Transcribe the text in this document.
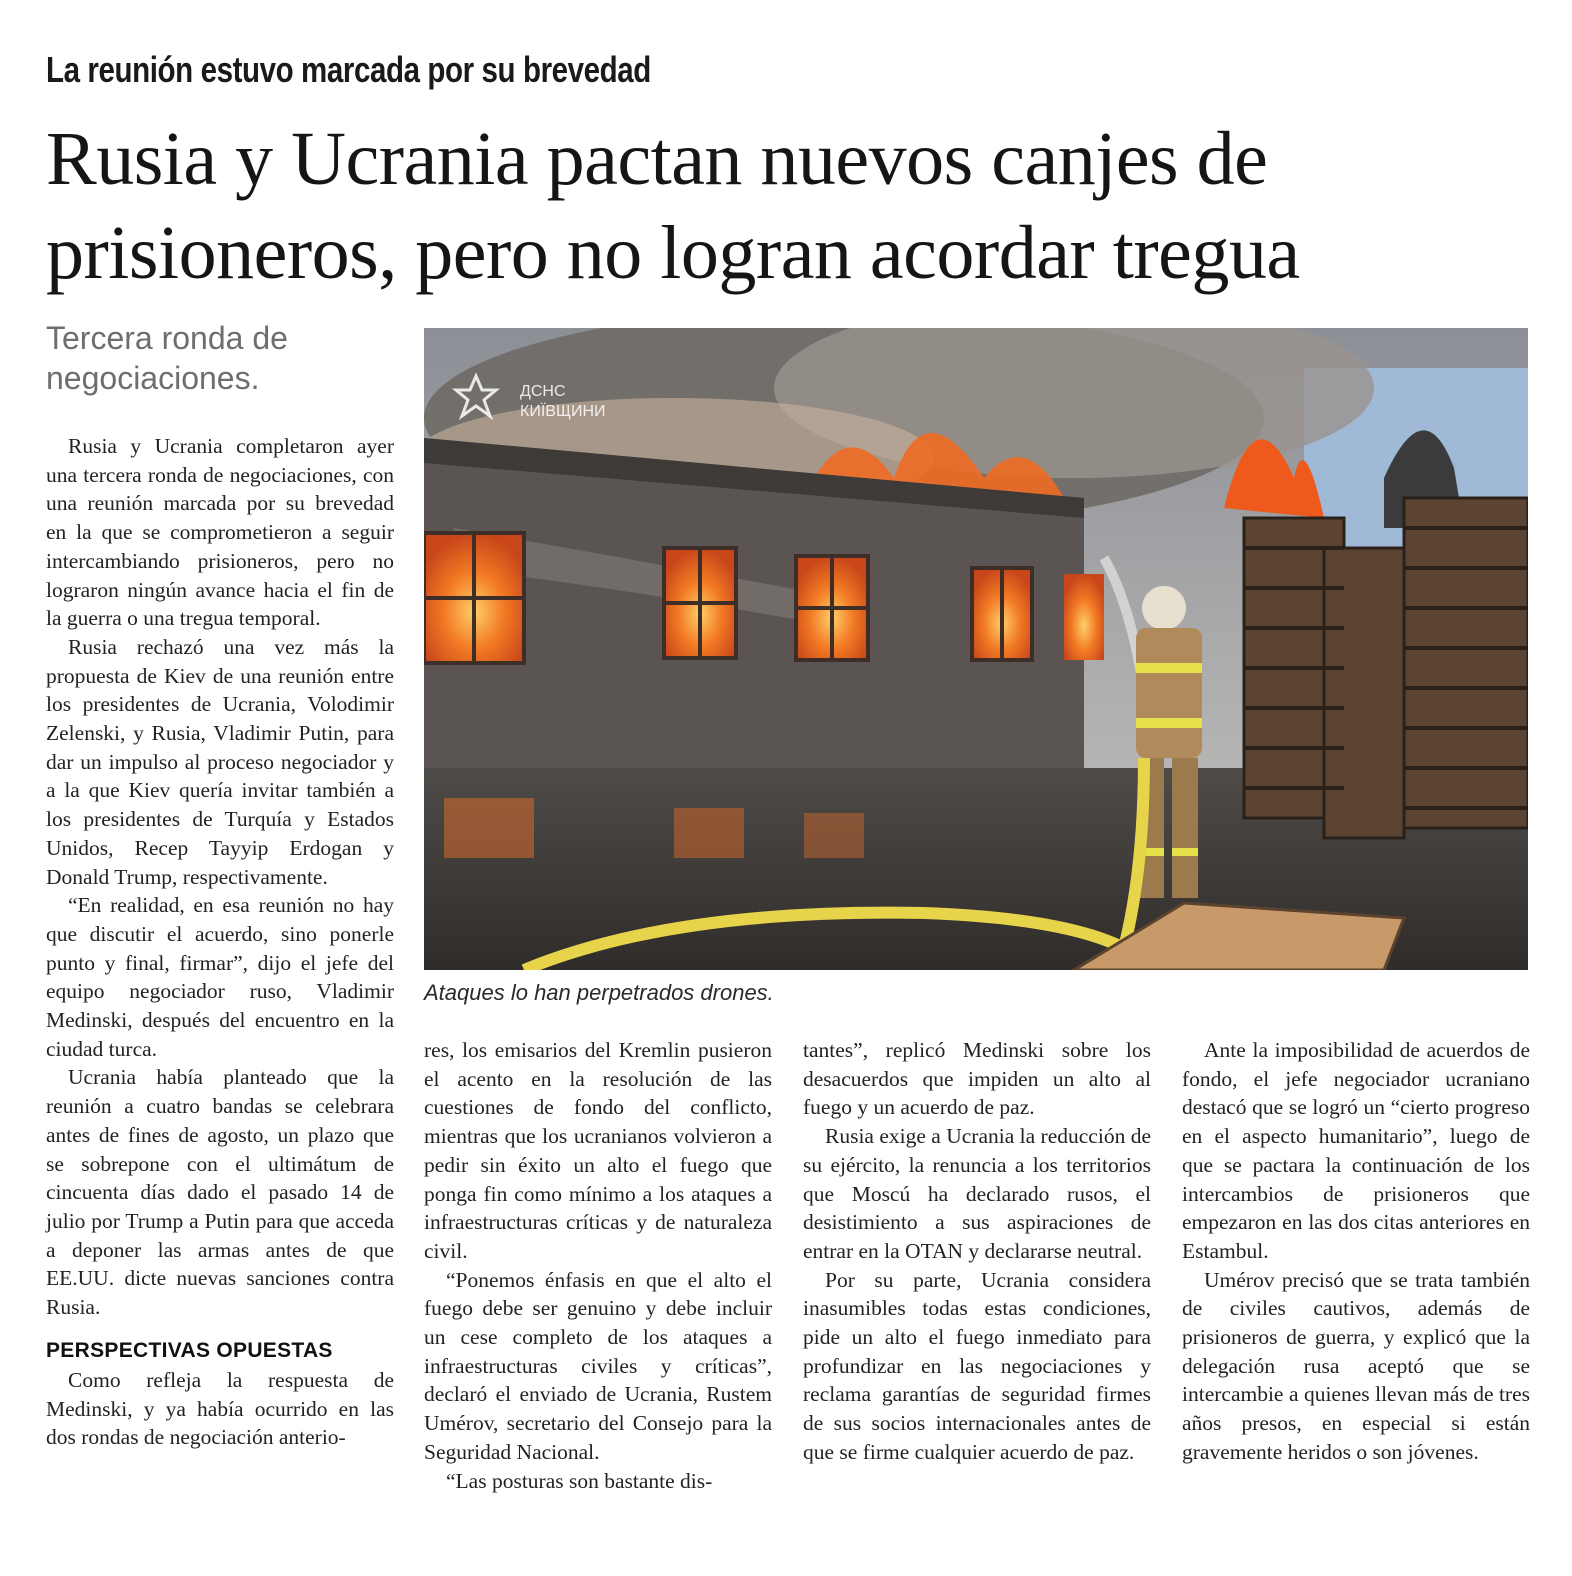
La reunión estuvo marcada por su brevedad
Rusia y Ucrania pactan nuevos canjes de prisioneros, pero no logran acordar tregua
Tercera ronda de negociaciones.

Rusia y Ucrania completaron ayer una tercera ronda de negociaciones, con una reunión marcada por su brevedad en la que se comprometieron a seguir intercambiando prisioneros, pero no lograron ningún avance hacia el fin de la guerra o una tregua temporal.

Rusia rechazó una vez más la propuesta de Kiev de una reunión entre los presidentes de Ucrania, Volodimir Zelenski, y Rusia, Vladimir Putin, para dar un impulso al proceso negociador y a la que Kiev quería invitar también a los presidentes de Turquía y Estados Unidos, Recep Tayyip Erdogan y Donald Trump, respectivamente.

“En realidad, en esa reunión no hay que discutir el acuerdo, sino ponerle punto y final, firmar”, dijo el jefe del equipo negociador ruso, Vladimir Medinski, después del encuentro en la ciudad turca.

Ucrania había planteado que la reunión a cuatro bandas se celebrara antes de fines de agosto, un plazo que se sobrepone con el ultimátum de cincuenta días dado el pasado 14 de julio por Trump a Putin para que acceda a deponer las armas antes de que EE.UU. dicte nuevas sanciones contra Rusia.

PERSPECTIVAS OPUESTAS

Como refleja la respuesta de Medinski, y ya había ocurrido en las dos rondas de negociación anterio-

ДСНС
КИЇВЩИНИ
Ataques lo han perpetrados drones.

res, los emisarios del Kremlin pusieron el acento en la resolución de las cuestiones de fondo del conflicto, mientras que los ucranianos volvieron a pedir sin éxito un alto el fuego que ponga fin como mínimo a los ataques a infraestructuras críticas y de naturaleza civil.

“Ponemos énfasis en que el alto el fuego debe ser genuino y debe incluir un cese completo de los ataques a infraestructuras civiles y críticas”, declaró el enviado de Ucrania, Rustem Umérov, secretario del Consejo para la Seguridad Nacional.

“Las posturas son bastante dis-

tantes”, replicó Medinski sobre los desacuerdos que impiden un alto al fuego y un acuerdo de paz.

Rusia exige a Ucrania la reducción de su ejército, la renuncia a los territorios que Moscú ha declarado rusos, el desistimiento a sus aspiraciones de entrar en la OTAN y declararse neutral.

Por su parte, Ucrania considera inasumibles todas estas condiciones, pide un alto el fuego inmediato para profundizar en las negociaciones y reclama garantías de seguridad firmes de sus socios internacionales antes de que se firme cualquier acuerdo de paz.

Ante la imposibilidad de acuerdos de fondo, el jefe negociador ucraniano destacó que se logró un “cierto progreso en el aspecto humanitario”, luego de que se pactara la continuación de los intercambios de prisioneros que empezaron en las dos citas anteriores en Estambul.

Umérov precisó que se trata también de civiles cautivos, además de prisioneros de guerra, y explicó que la delegación rusa aceptó que se intercambie a quienes llevan más de tres años presos, en especial si están gravemente heridos o son jóvenes.
